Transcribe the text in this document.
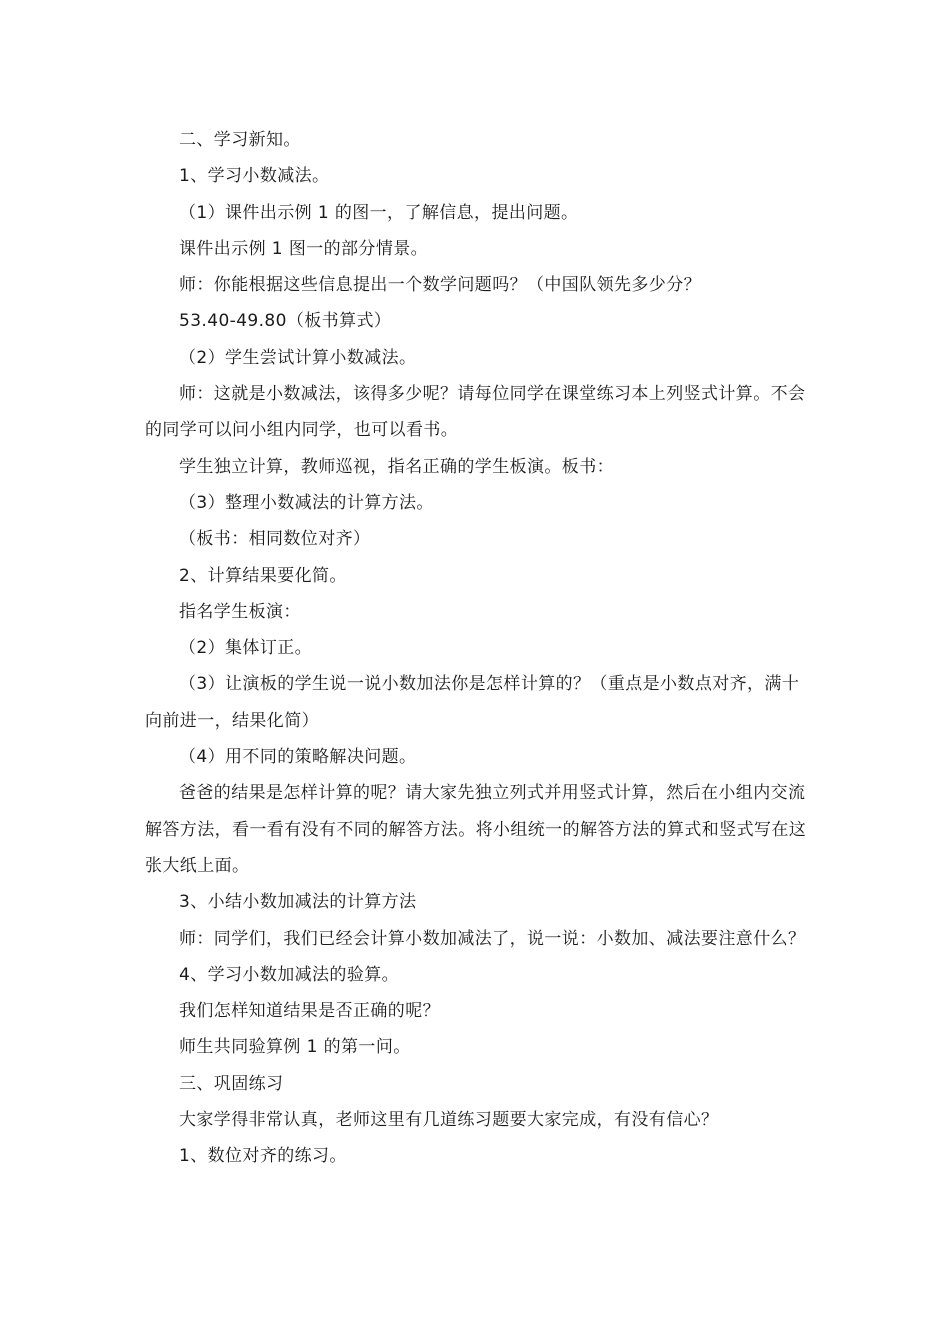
二、学习新知。

1、学习小数减法。

（1）课件出示例 1 的图一，了解信息，提出问题。

课件出示例 1 图一的部分情景。

师：你能根据这些信息提出一个数学问题吗？（中国队领先多少分？

53.40-49.80（板书算式）

（2）学生尝试计算小数减法。

师：这就是小数减法，该得多少呢？请每位同学在课堂练习本上列竖式计算。不会的同学可以问小组内同学，也可以看书。

学生独立计算，教师巡视，指名正确的学生板演。板书：

（3）整理小数减法的计算方法。

（板书：相同数位对齐）

2、计算结果要化简。

指名学生板演：

（2）集体订正。

（3）让演板的学生说一说小数加法你是怎样计算的？（重点是小数点对齐，满十向前进一，结果化简）

（4）用不同的策略解决问题。

爸爸的结果是怎样计算的呢？请大家先独立列式并用竖式计算，然后在小组内交流解答方法，看一看有没有不同的解答方法。将小组统一的解答方法的算式和竖式写在这张大纸上面。

3、小结小数加减法的计算方法

师：同学们，我们已经会计算小数加减法了，说一说：小数加、减法要注意什么？

4、学习小数加减法的验算。

我们怎样知道结果是否正确的呢？

师生共同验算例 1 的第一问。

三、巩固练习

大家学得非常认真，老师这里有几道练习题要大家完成，有没有信心？

1、数位对齐的练习。
